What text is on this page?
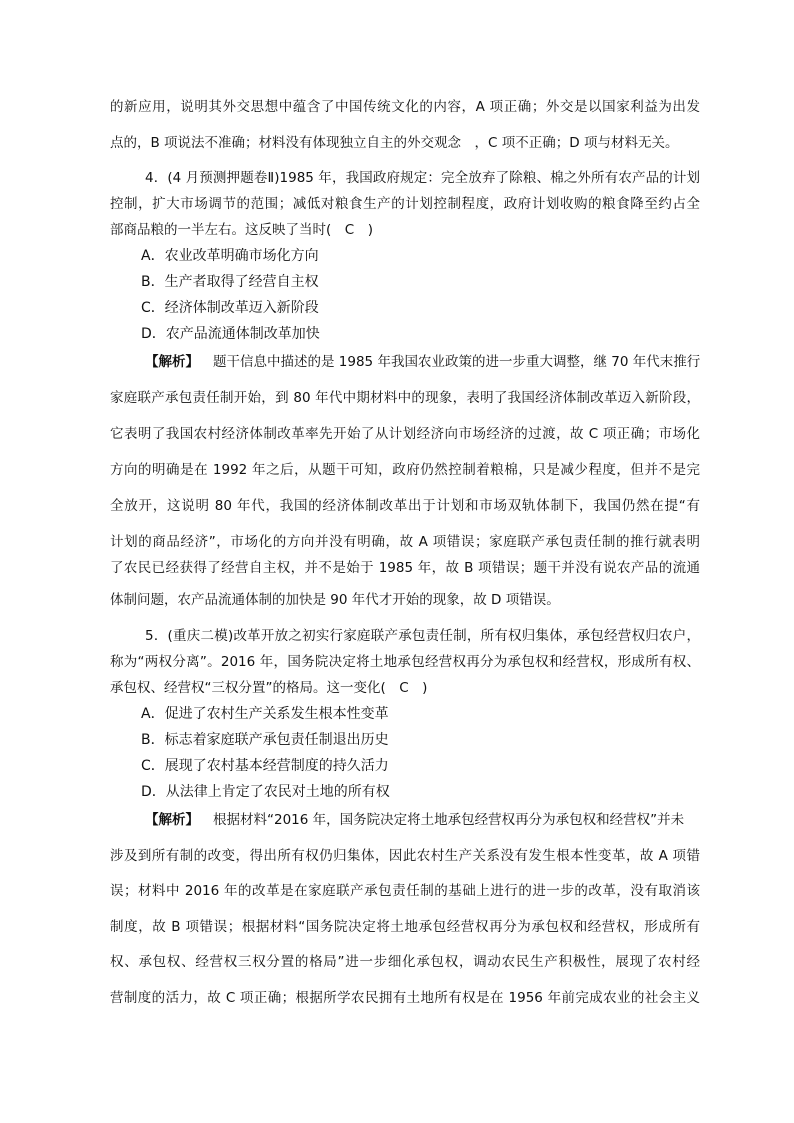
的新应用，说明其外交思想中蕴含了中国传统文化的内容，A 项正确；外交是以国家利益为出发
点的，B 项说法不准确；材料没有体现独立自主的外交观念　，C 项不正确；D 项与材料无关。
4．(4 月预测押题卷Ⅱ)1985 年，我国政府规定：完全放弃了除粮、棉之外所有农产品的计划
控制，扩大市场调节的范围；减低对粮食生产的计划控制程度，政府计划收购的粮食降至约占全
部商品粮的一半左右。这反映了当时(　C　)
A．农业改革明确市场化方向
B．生产者取得了经营自主权
C．经济体制改革迈入新阶段
D．农产品流通体制改革加快
【解析】 题干信息中描述的是 1985 年我国农业政策的进一步重大调整，继 70 年代末推行
家庭联产承包责任制开始，到 80 年代中期材料中的现象，表明了我国经济体制改革迈入新阶段，
它表明了我国农村经济体制改革率先开始了从计划经济向市场经济的过渡，故 C 项正确；市场化
方向的明确是在 1992 年之后，从题干可知，政府仍然控制着粮棉，只是减少程度，但并不是完
全放开，这说明 80 年代，我国的经济体制改革出于计划和市场双轨体制下，我国仍然在提“有
计划的商品经济”，市场化的方向并没有明确，故 A 项错误；家庭联产承包责任制的推行就表明
了农民已经获得了经营自主权，并不是始于 1985 年，故 B 项错误；题干并没有说农产品的流通
体制问题，农产品流通体制的加快是 90 年代才开始的现象，故 D 项错误。
5．(重庆二模)改革开放之初实行家庭联产承包责任制，所有权归集体，承包经营权归农户，
称为“两权分离”。2016 年，国务院决定将土地承包经营权再分为承包权和经营权，形成所有权、
承包权、经营权“三权分置”的格局。这一变化(　C　)
A．促进了农村生产关系发生根本性变革
B．标志着家庭联产承包责任制退出历史
C．展现了农村基本经营制度的持久活力
D．从法律上肯定了农民对土地的所有权
【解析】 根据材料“2016 年，国务院决定将土地承包经营权再分为承包权和经营权”并未
涉及到所有制的改变，得出所有权仍归集体，因此农村生产关系没有发生根本性变革，故 A 项错
误；材料中 2016 年的改革是在家庭联产承包责任制的基础上进行的进一步的改革，没有取消该
制度，故 B 项错误；根据材料“国务院决定将土地承包经营权再分为承包权和经营权，形成所有
权、承包权、经营权三权分置的格局”进一步细化承包权，调动农民生产积极性，展现了农村经
营制度的活力，故 C 项正确；根据所学农民拥有土地所有权是在 1956 年前完成农业的社会主义
